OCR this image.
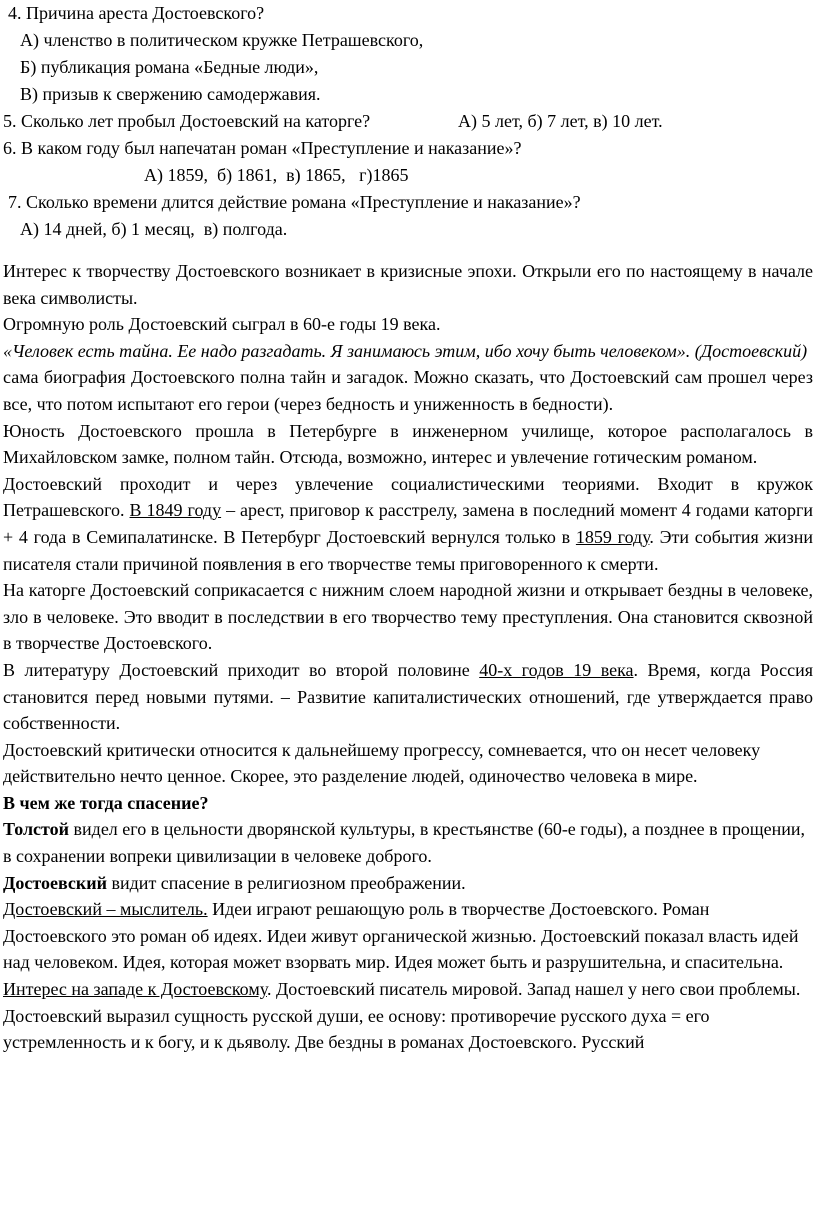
4. Причина ареста Достоевского?
А) членство в политическом кружке Петрашевского,
Б) публикация романа «Бедные люди»,
В) призыв к свержению самодержавия.
5. Сколько лет пробыл Достоевский на каторге?	А) 5 лет, б) 7 лет, в) 10 лет.
6. В каком году был напечатан роман «Преступление и наказание»?
А) 1859,  б) 1861,  в) 1865,   г)1865
7. Сколько времени длится действие романа «Преступление и наказание»?
А) 14 дней, б) 1 месяц,  в) полгода.

Интерес к творчеству Достоевского возникает в кризисные эпохи. Открыли его по настоящему в начале века символисты.

Огромную роль Достоевский сыграл в 60-е годы 19 века.

«Человек есть тайна. Ее надо разгадать. Я занимаюсь этим, ибо хочу быть человеком». (Достоевский)

сама биография Достоевского полна тайн и загадок. Можно сказать, что Достоевский сам прошел через все, что потом испытают его герои (через бедность и униженность в бедности).

Юность Достоевского прошла в Петербурге в инженерном училище, которое располагалось в Михайловском замке, полном тайн. Отсюда, возможно, интерес и увлечение готическим романом.

Достоевский проходит и через увлечение социалистическими теориями. Входит в кружок Петрашевского. В 1849 году – арест, приговор к расстрелу, замена в последний момент 4 годами каторги + 4 года в Семипалатинске. В Петербург Достоевский вернулся только в 1859 году. Эти события жизни писателя стали причиной появления в его творчестве темы приговоренного к смерти.

На каторге Достоевский соприкасается с нижним слоем народной жизни и открывает бездны в человеке, зло в человеке. Это вводит в последствии в его творчество тему преступления. Она становится сквозной в творчестве Достоевского.

В литературу Достоевский приходит во второй половине 40-х годов 19 века. Время, когда Россия становится перед новыми путями. – Развитие капиталистических отношений, где утверждается право собственности.

Достоевский критически относится к дальнейшему прогрессу, сомневается, что он несет человеку действительно нечто ценное. Скорее, это разделение людей, одиночество человека в мире.

В чем же тогда спасение?

Толстой видел его в цельности дворянской культуры, в крестьянстве (60-е годы), а позднее в прощении, в сохранении вопреки цивилизации в человеке доброго.

Достоевский видит спасение в религиозном преображении.

Достоевский – мыслитель. Идеи играют решающую роль в творчестве Достоевского. Роман Достоевского это роман об идеях. Идеи живут органической жизнью. Достоевский показал власть идей над человеком. Идея, которая может взорвать мир. Идея может быть и разрушительна, и спасительна.

Интерес на западе к Достоевскому. Достоевский писатель мировой. Запад нашел у него свои проблемы. Достоевский выразил сущность русской души, ее основу: противоречие русского духа = его устремленность и к богу, и к дьяволу. Две бездны в романах Достоевского. Русский
